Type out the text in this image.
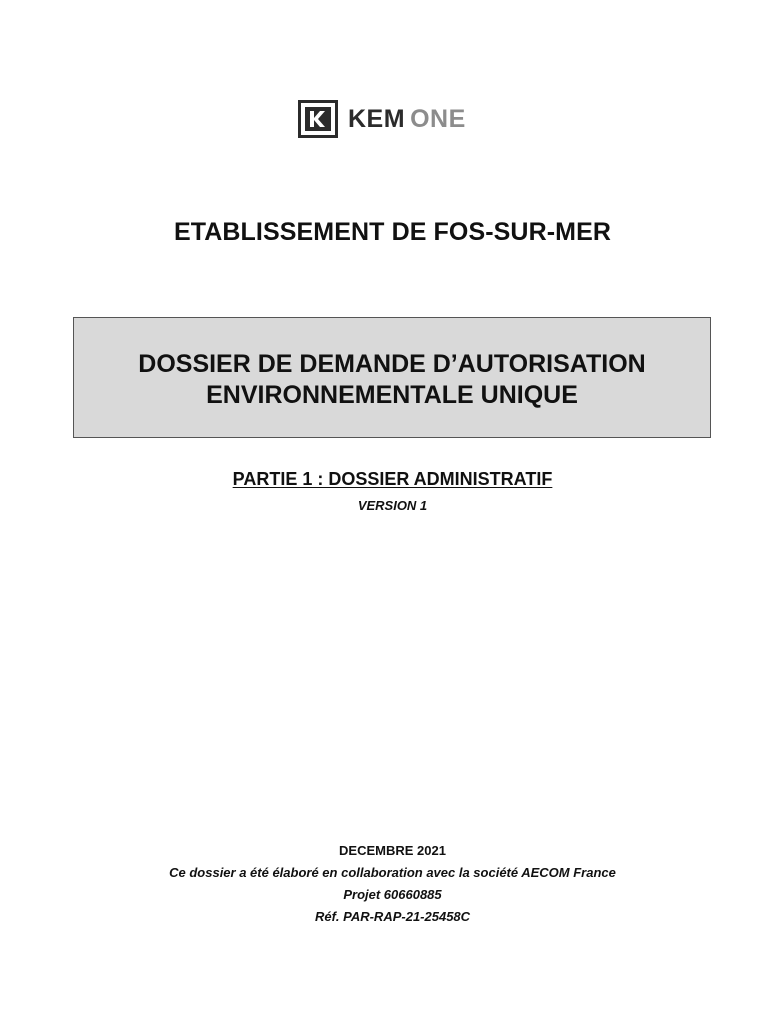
KEM ONE
ETABLISSEMENT DE FOS-SUR-MER
DOSSIER DE DEMANDE D’AUTORISATION
ENVIRONNEMENTALE UNIQUE
PARTIE 1 : DOSSIER ADMINISTRATIF
VERSION 1
DECEMBRE 2021
Ce dossier a été élaboré en collaboration avec la société AECOM France
Projet 60660885
Réf. PAR-RAP-21-25458C
